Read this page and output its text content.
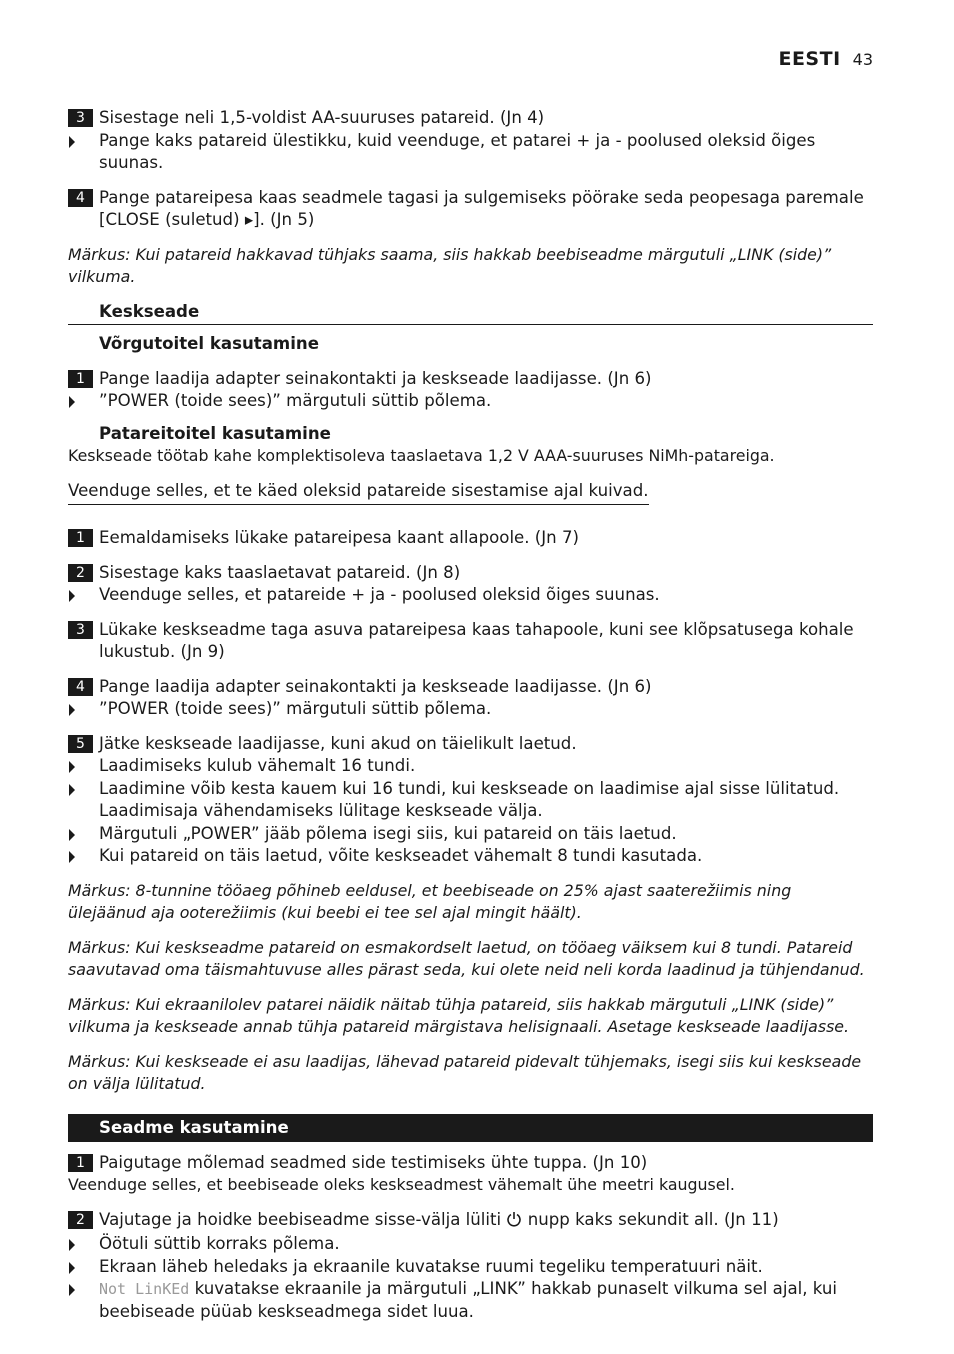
EESTI 43
3 Sisestage neli 1,5-voldist AA-suuruses patareid. (Jn 4)
Pange kaks patareid ülestikku, kuid veenduge, et patarei + ja - poolused oleksid õiges suunas.
4 Pange patareipesa kaas seadmele tagasi ja sulgemiseks pöörake seda peopesaga paremale [CLOSE (suletud) ▸]. (Jn 5)
Märkus: Kui patareid hakkavad tühjaks saama, siis hakkab beebiseadme märgutuli „LINK (side)” vilkuma.
Keskseade
Võrgutoitel kasutamine
1 Pange laadija adapter seinakontakti ja keskseade laadijasse. (Jn 6)
”POWER (toide sees)” märgutuli süttib põlema.
Patareitoitel kasutamine
Keskseade töötab kahe komplektisoleva taaslaetava 1,2 V AAA-suuruses NiMh-patareiga.
Veenduge selles, et te käed oleksid patareide sisestamise ajal kuivad.
1 Eemaldamiseks lükake patareipesa kaant allapoole. (Jn 7)
2 Sisestage kaks taaslaetavat patareid. (Jn 8)
Veenduge selles, et patareide + ja - poolused oleksid õiges suunas.
3 Lükake keskseadme taga asuva patareipesa kaas tahapoole, kuni see klõpsatusega kohale lukustub. (Jn 9)
4 Pange laadija adapter seinakontakti ja keskseade laadijasse. (Jn 6)
”POWER (toide sees)” märgutuli süttib põlema.
5 Jätke keskseade laadijasse, kuni akud on täielikult laetud.
Laadimiseks kulub vähemalt 16 tundi.
Laadimine võib kesta kauem kui 16 tundi, kui keskseade on laadimise ajal sisse lülitatud. Laadimisaja vähendamiseks lülitage keskseade välja.
Märgutuli „POWER” jääb põlema isegi siis, kui patareid on täis laetud.
Kui patareid on täis laetud, võite keskseadet vähemalt 8 tundi kasutada.
Märkus: 8-tunnine tööaeg põhineb eeldusel, et beebiseade on 25% ajast saaterežiimis ning ülejäänud aja ooterežiimis (kui beebi ei tee sel ajal mingit häält).
Märkus: Kui keskseadme patareid on esmakordselt laetud, on tööaeg väiksem kui 8 tundi. Patareid saavutavad oma täismahtuvuse alles pärast seda, kui olete neid neli korda laadinud ja tühjendanud.
Märkus: Kui ekraanilolev patarei näidik näitab tühja patareid, siis hakkab märgutuli „LINK (side)” vilkuma ja keskseade annab tühja patareid märgistava helisignaali. Asetage keskseade laadijasse.
Märkus: Kui keskseade ei asu laadijas, lähevad patareid pidevalt tühjemaks, isegi siis kui keskseade on välja lülitatud.
Seadme kasutamine
1 Paigutage mõlemad seadmed side testimiseks ühte tuppa. (Jn 10)
Veenduge selles, et beebiseade oleks keskseadmest vähemalt ühe meetri kaugusel.
2 Vajutage ja hoidke beebiseadme sisse-välja lüliti nupp kaks sekundit all. (Jn 11)
Öötuli süttib korraks põlema.
Ekraan läheb heledaks ja ekraanile kuvatakse ruumi tegeliku temperatuuri näit.
Not LinKEd kuvatakse ekraanile ja märgutuli „LINK” hakkab punaselt vilkuma sel ajal, kui beebiseade püüab keskseadmega sidet luua.
